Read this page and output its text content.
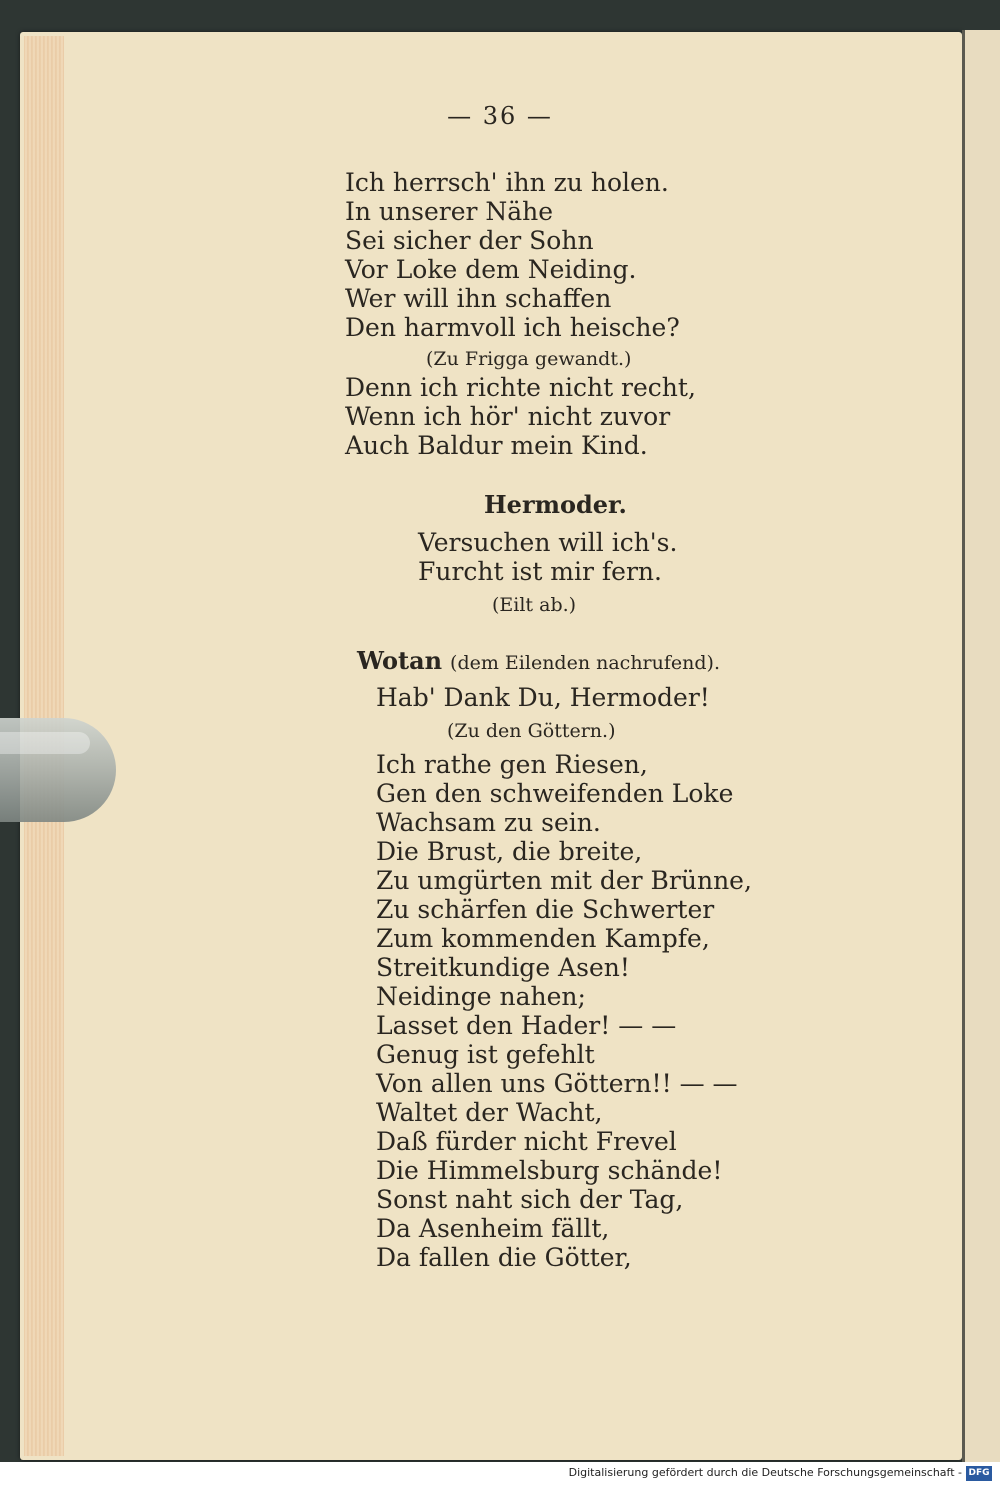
— 36 —
Ich herrsch' ihn zu holen.
In unserer Nähe
Sei sicher der Sohn
Vor Loke dem Neiding.
Wer will ihn schaffen
Den harmvoll ich heische?
(Zu Frigga gewandt.)
Denn ich richte nicht recht,
Wenn ich hör' nicht zuvor
Auch Baldur mein Kind.
Hermoder.
Versuchen will ich's.
Furcht ist mir fern.
(Eilt ab.)
Wotan (dem Eilenden nachrufend).
Hab' Dank Du, Hermoder!
(Zu den Göttern.)
Ich rathe gen Riesen,
Gen den schweifenden Loke
Wachsam zu sein.
Die Brust, die breite,
Zu umgürten mit der Brünne,
Zu schärfen die Schwerter
Zum kommenden Kampfe,
Streitkundige Asen!
Neidinge nahen;
Lasset den Hader! — —
Genug ist gefehlt
Von allen uns Göttern!! — —
Waltet der Wacht,
Daß fürder nicht Frevel
Die Himmelsburg schände!
Sonst naht sich der Tag,
Da Asenheim fällt,
Da fallen die Götter,
Digitalisierung gefördert durch die Deutsche Forschungsgemeinschaft - DFG
